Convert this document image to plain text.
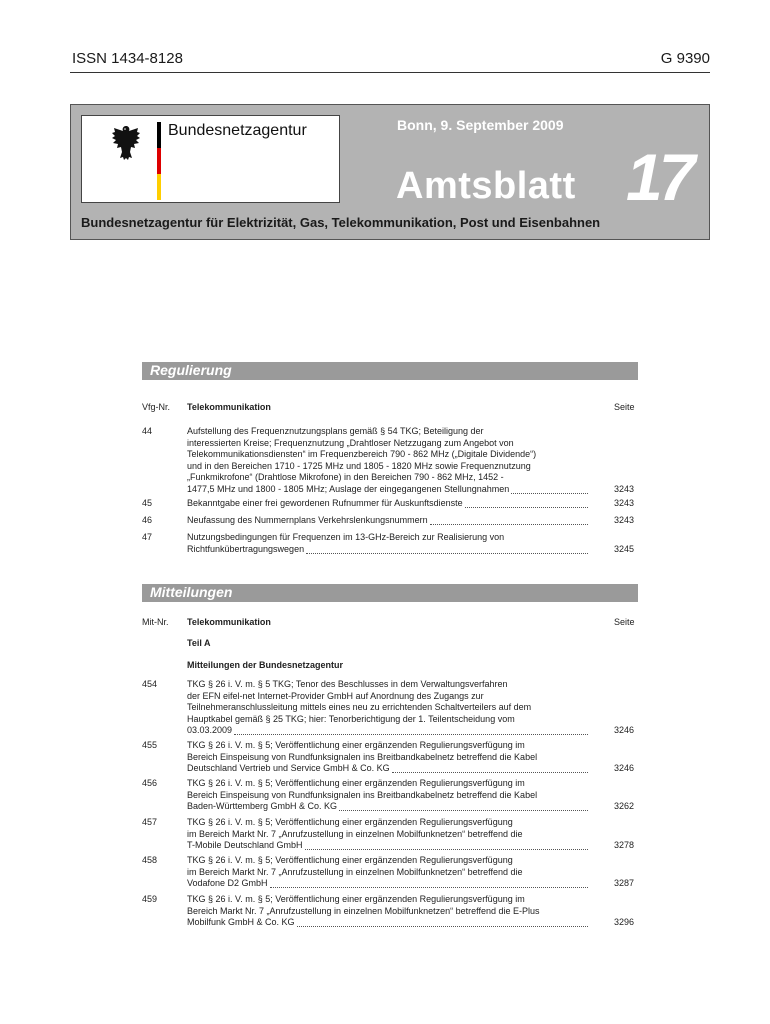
ISSN 1434-8128	G 9390
Bundesnetzagentur	Bonn, 9. September 2009
Amtsblatt 17
Bundesnetzagentur für Elektrizität, Gas, Telekommunikation, Post und Eisenbahnen
Regulierung
Vfg-Nr. Telekommunikation	Seite
44	Aufstellung des Frequenznutzungsplans gemäß § 54 TKG; Beteiligung der
interessierten Kreise; Frequenznutzung „Drahtloser Netzzugang zum Angebot von
Telekommunikationsdiensten“ im Frequenzbereich 790 - 862 MHz („Digitale Dividende“)
und in den Bereichen 1710 - 1725 MHz und 1805 - 1820 MHz sowie Frequenznutzung
„Funkmikrofone“ (Drahtlose Mikrofone) in den Bereichen 790 - 862 MHz, 1452 -
1477,5 MHz und 1800 - 1805 MHz; Auslage der eingegangenen Stellungnahmen	3243
45	Bekanntgabe einer frei gewordenen Rufnummer für Auskunftsdienste	3243
46	Neufassung des Nummernplans Verkehrslenkungsnummern	3243
47	Nutzungsbedingungen für Frequenzen im 13-GHz-Bereich zur Realisierung von
Richtfunkübertragungswegen	3245
Mitteilungen
Mit-Nr. Telekommunikation	Seite
Teil A
Mitteilungen der Bundesnetzagentur
454	TKG § 26 i. V. m. § 5 TKG; Tenor des Beschlusses in dem Verwaltungsverfahren
der EFN eifel-net Internet-Provider GmbH auf Anordnung des Zugangs zur
Teilnehmeranschlussleitung mittels eines neu zu errichtenden Schaltverteilers auf dem
Hauptkabel gemäß § 25 TKG; hier: Tenorberichtigung der 1. Teilentscheidung vom
03.03.2009	3246
455	TKG § 26 i. V. m. § 5; Veröffentlichung einer ergänzenden Regulierungsverfügung im
Bereich Einspeisung von Rundfunksignalen ins Breitbandkabelnetz betreffend die Kabel
Deutschland Vertrieb und Service GmbH & Co. KG	3246
456	TKG § 26 i. V. m. § 5; Veröffentlichung einer ergänzenden Regulierungsverfügung im
Bereich Einspeisung von Rundfunksignalen ins Breitbandkabelnetz betreffend die Kabel
Baden-Württemberg GmbH & Co. KG	3262
457	TKG § 26 i. V. m. § 5; Veröffentlichung einer ergänzenden Regulierungsverfügung
im Bereich Markt Nr. 7 „Anrufzustellung in einzelnen Mobilfunknetzen“ betreffend die
T-Mobile Deutschland GmbH	3278
458	TKG § 26 i. V. m. § 5; Veröffentlichung einer ergänzenden Regulierungsverfügung
im Bereich Markt Nr. 7 „Anrufzustellung in einzelnen Mobilfunknetzen“ betreffend die
Vodafone D2 GmbH	3287
459	TKG § 26 i. V. m. § 5; Veröffentlichung einer ergänzenden Regulierungsverfügung im
Bereich Markt Nr. 7 „Anrufzustellung in einzelnen Mobilfunknetzen“ betreffend die E-Plus
Mobilfunk GmbH & Co. KG	3296
